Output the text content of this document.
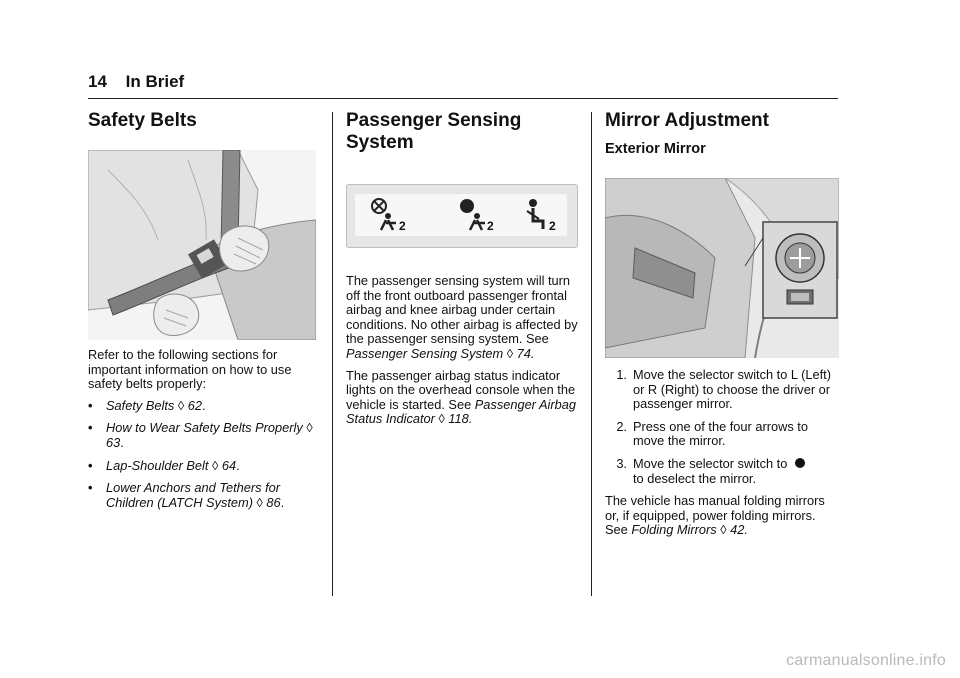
14 In Brief
Safety Belts

Refer to the following sections for important information on how to use safety belts properly:

•	Safety Belts ◊ 62.
•	How to Wear Safety Belts Properly ◊ 63.
•	Lap-Shoulder Belt ◊ 64.
•	Lower Anchors and Tethers for Children (LATCH System) ◊ 86.
Passenger Sensing
System
2	2	2

The passenger sensing system will turn off the front outboard passenger frontal airbag and knee airbag under certain conditions. No other airbag is affected by the passenger sensing system. See Passenger Sensing System ◊ 74.

The passenger airbag status indicator lights on the overhead console when the vehicle is started. See Passenger Airbag Status Indicator ◊ 118.

Mirror Adjustment
Exterior Mirror
1. Move the selector switch to L (Left) or R (Right) to choose the driver or passenger mirror.
2. Press one of the four arrows to move the mirror.
3. Move the selector switch to
to deselect the mirror.

The vehicle has manual folding mirrors or, if equipped, power folding mirrors. See Folding Mirrors ◊ 42.

carmanualsonline.info
